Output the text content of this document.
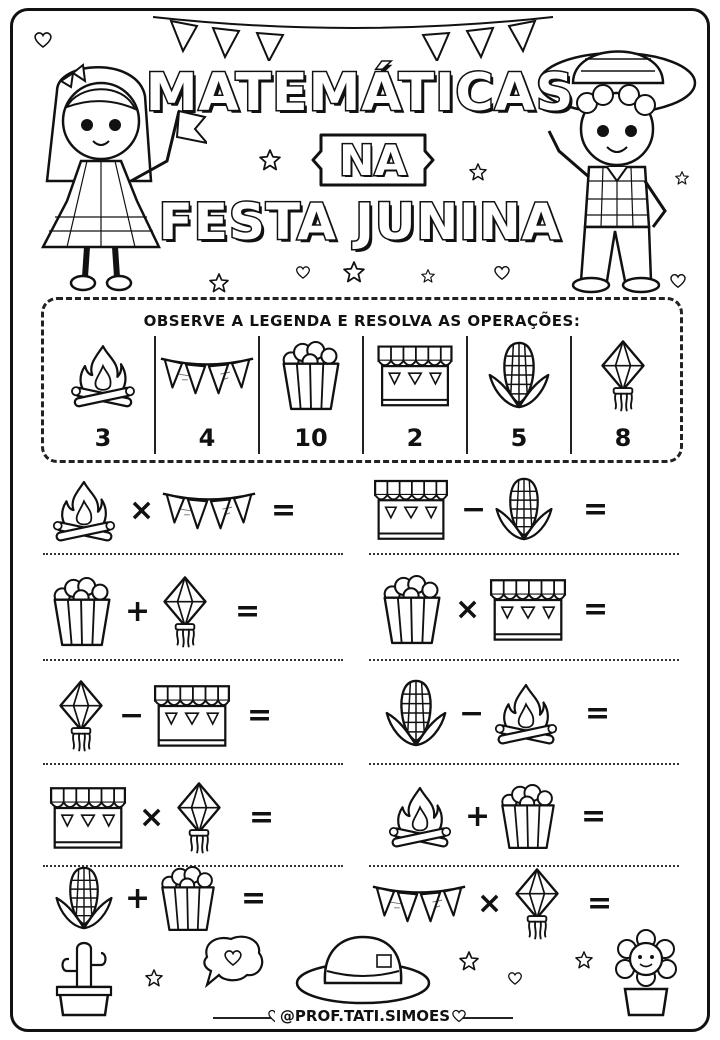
MATEMÁTICAS
NA
FESTA JUNINA
OBSERVE A LEGENDA E RESOLVA AS OPERAÇÕES:
3	4	10	2	5	8
×	=	−	=
+	=	×	=
−	=	−	=
×	=	+	=
+	=	×	=
@PROF.TATI.SIMOES
